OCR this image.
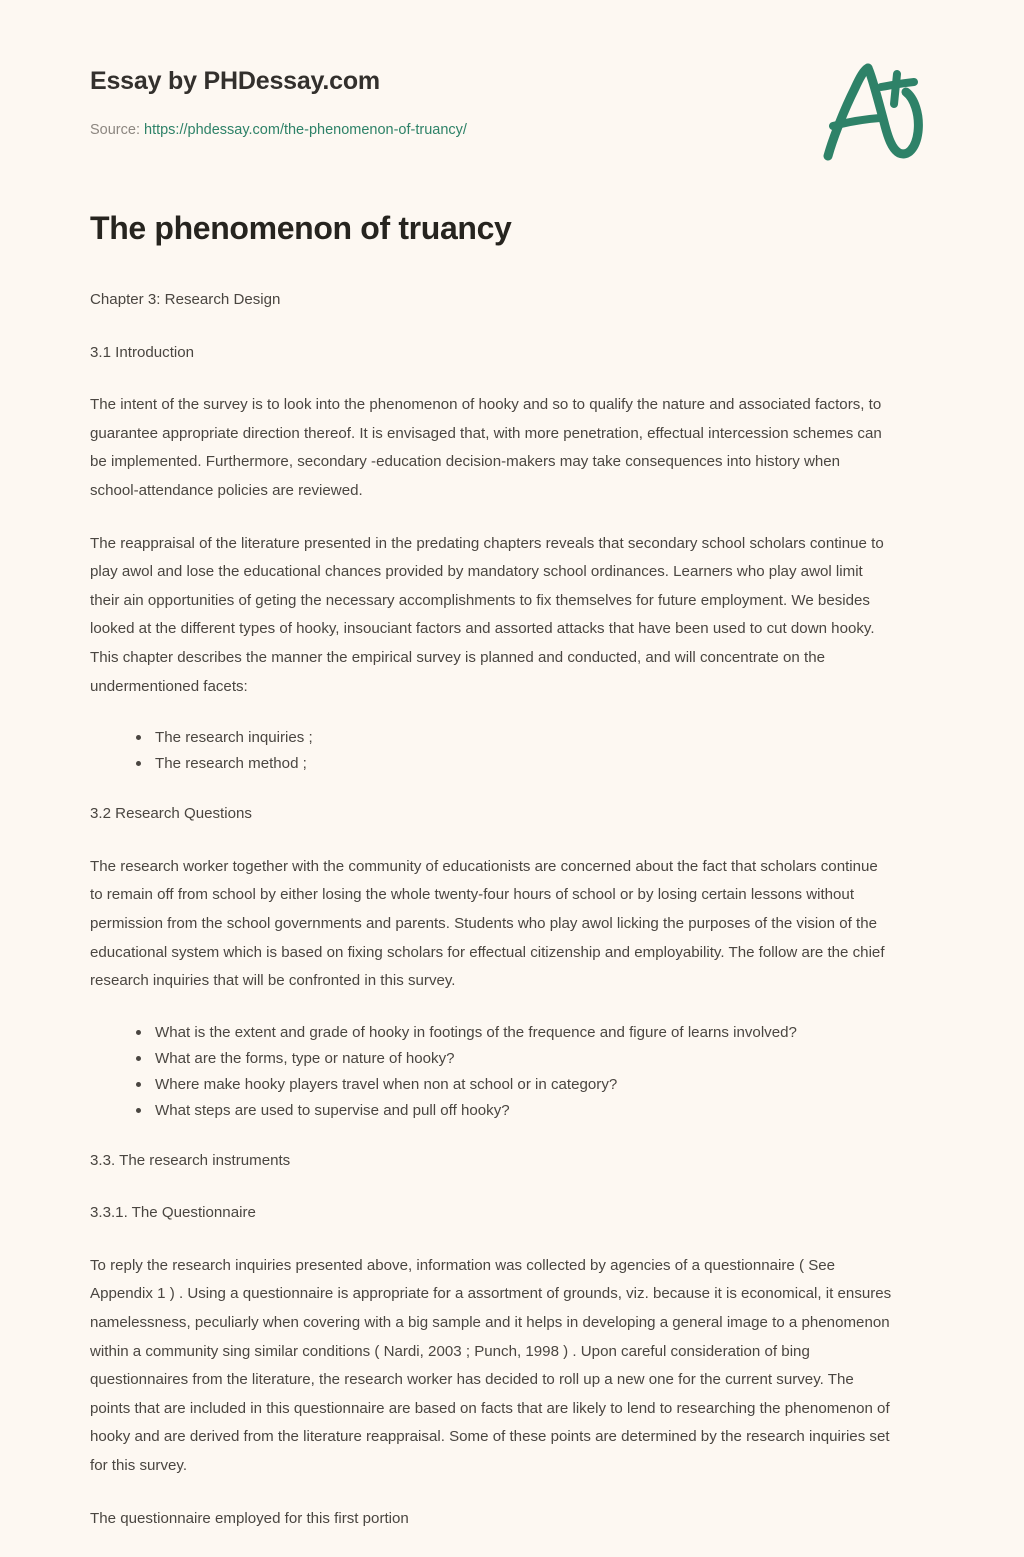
Essay by PHDessay.com
Source: https://phdessay.com/the-phenomenon-of-truancy/
The phenomenon of truancy

Chapter 3: Research Design

3.1 Introduction

The intent of the survey is to look into the phenomenon of hooky and so to qualify the nature and associated factors, to guarantee appropriate direction thereof. It is envisaged that, with more penetration, effectual intercession schemes can be implemented. Furthermore, secondary -education decision-makers may take consequences into history when school-attendance policies are reviewed.

The reappraisal of the literature presented in the predating chapters reveals that secondary school scholars continue to play awol and lose the educational chances provided by mandatory school ordinances. Learners who play awol limit their ain opportunities of geting the necessary accomplishments to fix themselves for future employment. We besides looked at the different types of hooky, insouciant factors and assorted attacks that have been used to cut down hooky. This chapter describes the manner the empirical survey is planned and conducted, and will concentrate on the undermentioned facets:

The research inquiries ;
The research method ;

3.2 Research Questions

The research worker together with the community of educationists are concerned about the fact that scholars continue to remain off from school by either losing the whole twenty-four hours of school or by losing certain lessons without permission from the school governments and parents. Students who play awol licking the purposes of the vision of the educational system which is based on fixing scholars for effectual citizenship and employability. The follow are the chief research inquiries that will be confronted in this survey.

What is the extent and grade of hooky in footings of the frequence and figure of learns involved?
What are the forms, type or nature of hooky?
Where make hooky players travel when non at school or in category?
What steps are used to supervise and pull off hooky?

3.3. The research instruments

3.3.1. The Questionnaire

To reply the research inquiries presented above, information was collected by agencies of a questionnaire ( See Appendix 1 ) . Using a questionnaire is appropriate for a assortment of grounds, viz. because it is economical, it ensures namelessness, peculiarly when covering with a big sample and it helps in developing a general image to a phenomenon within a community sing similar conditions ( Nardi, 2003 ; Punch, 1998 ) . Upon careful consideration of bing questionnaires from the literature, the research worker has decided to roll up a new one for the current survey. The points that are included in this questionnaire are based on facts that are likely to lend to researching the phenomenon of hooky and are derived from the literature reappraisal. Some of these points are determined by the research inquiries set for this survey.

The questionnaire employed for this first portion
